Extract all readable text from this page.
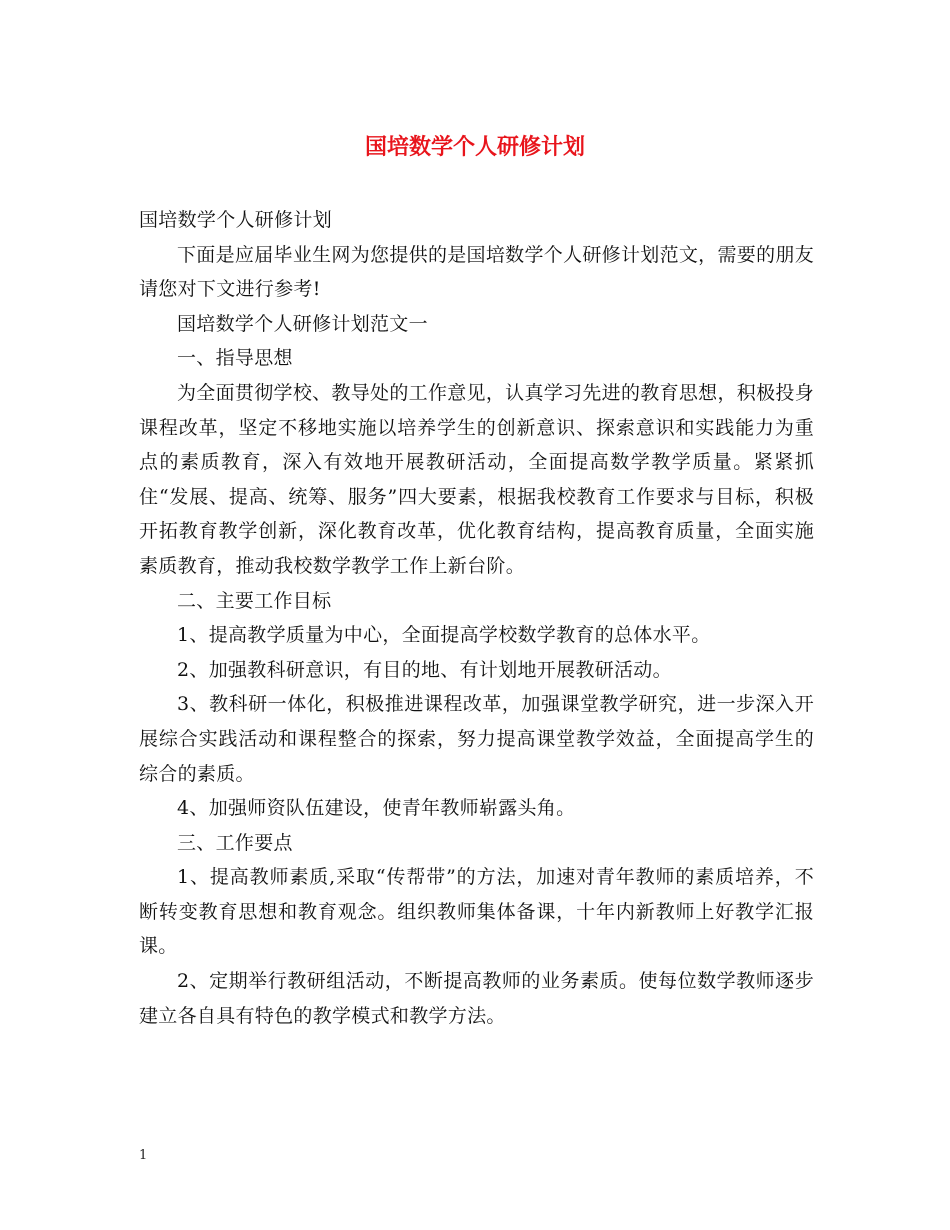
国培数学个人研修计划

国培数学个人研修计划

下面是应届毕业生网为您提供的是国培数学个人研修计划范文，需要的朋友请您对下文进行参考!

国培数学个人研修计划范文一

一、指导思想

为全面贯彻学校、教导处的工作意见，认真学习先进的教育思想，积极投身课程改革，坚定不移地实施以培养学生的创新意识、探索意识和实践能力为重点的素质教育，深入有效地开展教研活动，全面提高数学教学质量。紧紧抓住“发展、提高、统筹、服务”四大要素，根据我校教育工作要求与目标，积极开拓教育教学创新，深化教育改革，优化教育结构，提高教育质量，全面实施素质教育，推动我校数学教学工作上新台阶。

二、主要工作目标

1、提高教学质量为中心，全面提高学校数学教育的总体水平。

2、加强教科研意识，有目的地、有计划地开展教研活动。

3、教科研一体化，积极推进课程改革，加强课堂教学研究，进一步深入开展综合实践活动和课程整合的探索，努力提高课堂教学效益，全面提高学生的综合的素质。

4、加强师资队伍建设，使青年教师崭露头角。

三、工作要点

1、提高教师素质,采取“传帮带”的方法，加速对青年教师的素质培养，不断转变教育思想和教育观念。组织教师集体备课，十年内新教师上好教学汇报课。

2、定期举行教研组活动，不断提高教师的业务素质。使每位数学教师逐步建立各自具有特色的教学模式和教学方法。

1
